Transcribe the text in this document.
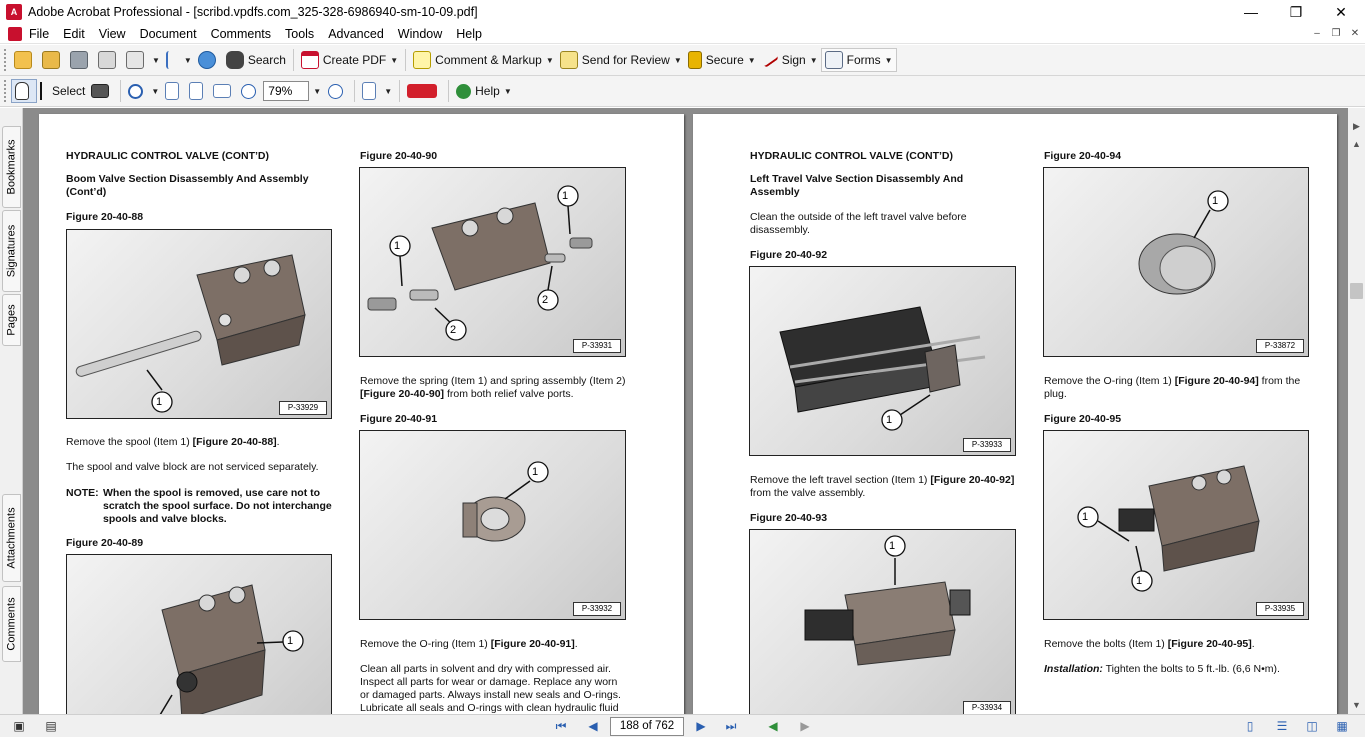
A Adobe Acrobat Professional - [scribd.vpdfs.com_325-328-6986940-sm-10-09.pdf]	—	❐	✕
File	Edit	View	Document	Comments	Tools	Advanced	Window	Help	–	❐	✕
▼	▼	Search	Create PDF ▼	Comment & Markup ▼ Send for Review ▼ Secure ▼ Sign ▼ Forms ▼
Select	▼
79%	▼	▼	Help ▼
Bookmarks
Signatures
Pages
Attachments
Comments
HYDRAULIC CONTROL VALVE (CONT’D)
Boom Valve Section Disassembly And Assembly
(Cont’d)
Figure 20-40-88
1	P-33929
Remove the spool (Item 1) [Figure 20-40-88].
The spool and valve block are not serviced separately.
NOTE: When the spool is removed, use care not to
scratch the spool surface. Do not interchange
spools and valve blocks.
Figure 20-40-89
1
Figure 20-40-90
1
2
2
1
P-33931
Remove the spring (Item 1) and spring assembly (Item 2)
[Figure 20-40-90] from both relief valve ports.
Figure 20-40-91
1
P-33932
Remove the O-ring (Item 1) [Figure 20-40-91].
Clean all parts in solvent and dry with compressed air.
Inspect all parts for wear or damage. Replace any worn
or damaged parts. Always install new seals and O-rings.
Lubricate all seals and O-rings with clean hydraulic fluid
HYDRAULIC CONTROL VALVE (CONT’D)
Left Travel Valve Section Disassembly And
Assembly
Clean the outside of the left travel valve before
disassembly.
Figure 20-40-92
1
P-33933
Remove the left travel section (Item 1) [Figure 20-40-92]
from the valve assembly.
Figure 20-40-93
1
P-33934
Figure 20-40-94
1
P-33872
Remove the O-ring (Item 1) [Figure 20-40-94] from the
plug.
Figure 20-40-95
1
1
P-33935
Remove the bolts (Item 1) [Figure 20-40-95].
Installation: Tighten the bolts to 5 ft.-lb. (6,6 N•m).
▶
▲
▼
▣ ▤	⏮	◀	188 of 762	▶	⏭	◀	▶	▯	☰	◫	▦
